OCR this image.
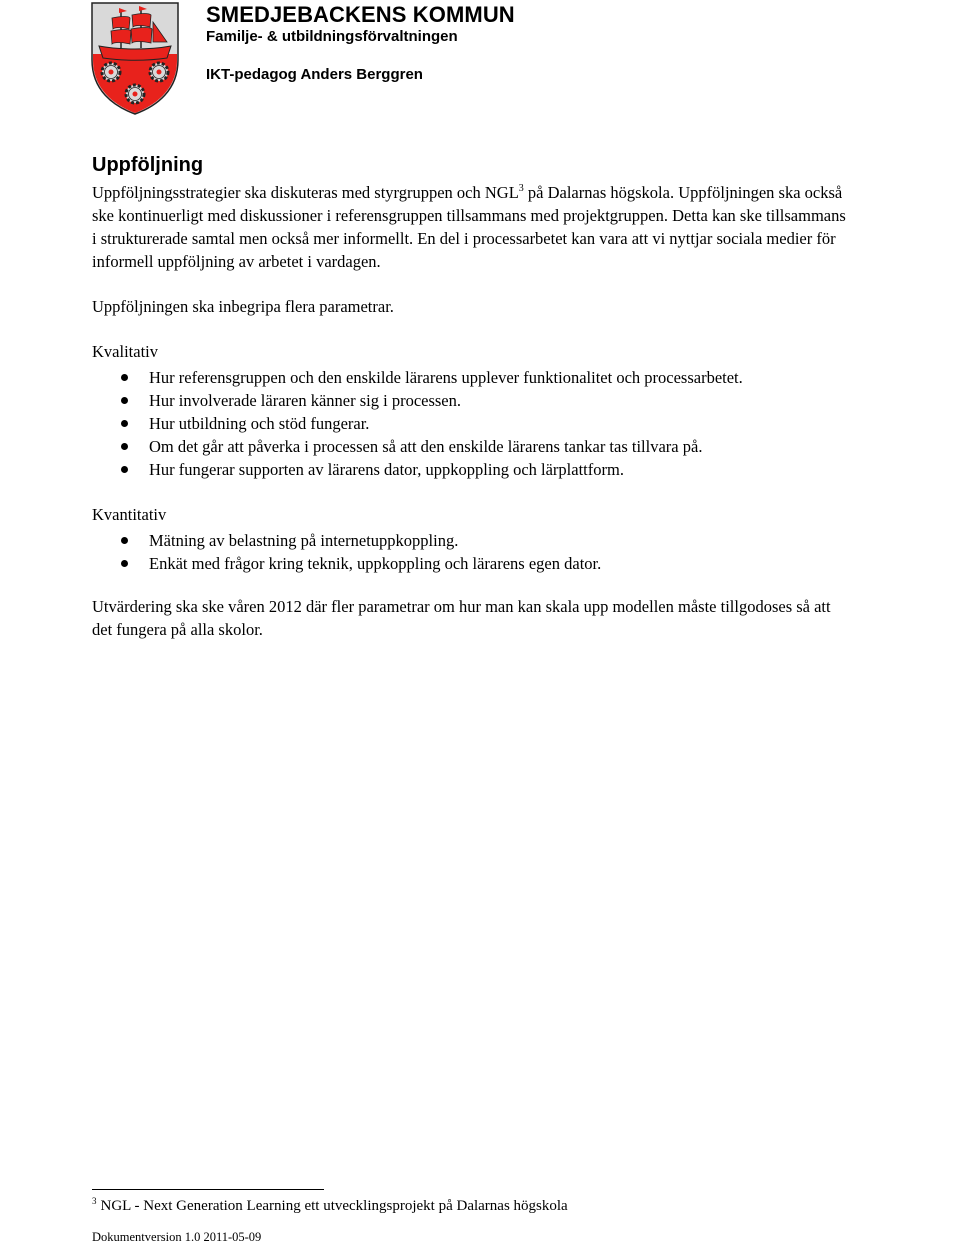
SMEDJEBACKENS KOMMUN
Familje- & utbildningsförvaltningen
IKT-pedagog Anders Berggren
Uppföljning

Uppföljningsstrategier ska diskuteras med styrgruppen och NGL$^3$ på Dalarnas högskola. Uppföljningen ska också ske kontinuerligt med diskussioner i referensgruppen tillsammans med projektgruppen. Detta kan ske tillsammans i strukturerade samtal men också mer informellt. En del i processarbetet kan vara att vi nyttjar sociala medier för informell uppföljning av arbetet i vardagen.

Uppföljningen ska inbegripa flera parametrar.

Kvalitativ
Hur referensgruppen och den enskilde lärarens upplever funktionalitet och processarbetet.
Hur involverade läraren känner sig i processen.
Hur utbildning och stöd fungerar.
Om det går att påverka i processen så att den enskilde lärarens tankar tas tillvara på.
Hur fungerar supporten av lärarens dator, uppkoppling och lärplattform.
Kvantitativ
Mätning av belastning på internetuppkoppling.
Enkät med frågor kring teknik, uppkoppling och lärarens egen dator.

Utvärdering ska ske våren 2012 där fler parametrar om hur man kan skala upp modellen måste tillgodoses så att det fungera på alla skolor.

$^3$ NGL - Next Generation Learning ett utvecklingsprojekt på Dalarnas högskola
Dokumentversion 1.0 2011-05-09
